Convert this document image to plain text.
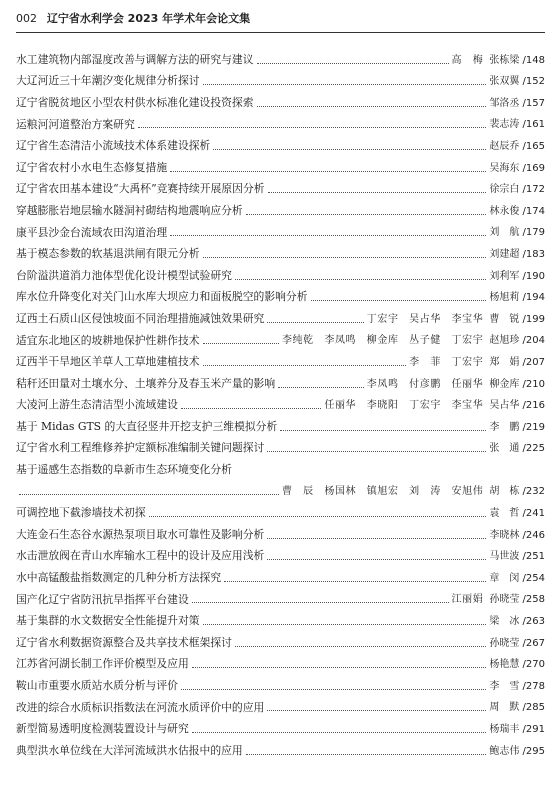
002 辽宁省水利学会 2023 年学术年会论文集
水工建筑物内部湿度改善与调解方法的研究与建议	高　梅 张栋梁 /148
大辽河近三十年潮汐变化规律分析探讨	张双翼 /152
辽宁省脱贫地区小型农村供水标准化建设投资探索	邹洛丞 /157
运粮河河道整治方案研究	裴志涛 /161
辽宁省生态清洁小流域技术体系建设探析	赵辰乔 /165
辽宁省农村小水电生态修复措施	吴海东 /169
辽宁省农田基本建设“大禹杯”竞赛持续开展原因分析	徐宗白 /172
穿越膨胀岩地层输水隧洞衬砌结构地震响应分析	林永俊 /174
康平县沙金台流域农田沟道治理	刘　航 /179
基于模态参数的软基退洪闸有限元分析	刘建超 /183
台阶溢洪道消力池体型优化设计模型试验研究	刘利军 /190
库水位升降变化对关门山水库大坝应力和面板脱空的影响分析	杨旭莉 /194
辽西土石质山区侵蚀坡面不同治理措施减蚀效果研究	丁宏宇　吴占华　李宝华 曹　锐 /199
适宜东北地区的坡耕地保护性耕作技术	李纯乾　李凤鸣　柳金库　丛子健　丁宏宇 赵旭珍 /204
辽西半干旱地区羊草人工草地建植技术	李　菲　丁宏宇 郑　娟 /207
秸秆还田量对土壤水分、土壤养分及春玉米产量的影响	李凤鸣　付彦鹏　任丽华 柳金库 /210
大凌河上游生态清洁型小流域建设	任丽华　李晓阳　丁宏宇　李宝华 吴占华 /216
基于 Midas GTS 的大直径竖井开挖支护三维模拟分析	李　鹏 /219
辽宁省水利工程维修养护定额标准编制关键问题探讨	张　通 /225
基于遥感生态指数的阜新市生态环境变化分析
曹　辰　杨国林　镇旭宏　刘　涛　安旭伟 胡　栋 /232
可调控地下截渗墙技术初探	袁　哲 /241
大连金石生态谷水源热泵项目取水可靠性及影响分析	李晓林 /246
水击泄放阀在青山水库输水工程中的设计及应用浅析	马世波 /251
水中高锰酸盐指数测定的几种分析方法探究	章　闵 /254
国产化辽宁省防汛抗旱指挥平台建设	江丽娟 孙晓莹 /258
基于集群的水文数据安全性能提升对策	梁　冰 /263
辽宁省水利数据资源整合及共享技术框架探讨	孙晓莹 /267
江苏省河湖长制工作评价模型及应用	杨艳慧 /270
鞍山市重要水质站水质分析与评价	李　雪 /278
改进的综合水质标识指数法在河流水质评价中的应用	周　默 /285
新型简易透明度检测装置设计与研究	杨瑞丰 /291
典型洪水单位线在大洋河流域洪水估报中的应用	鲍志伟 /295
